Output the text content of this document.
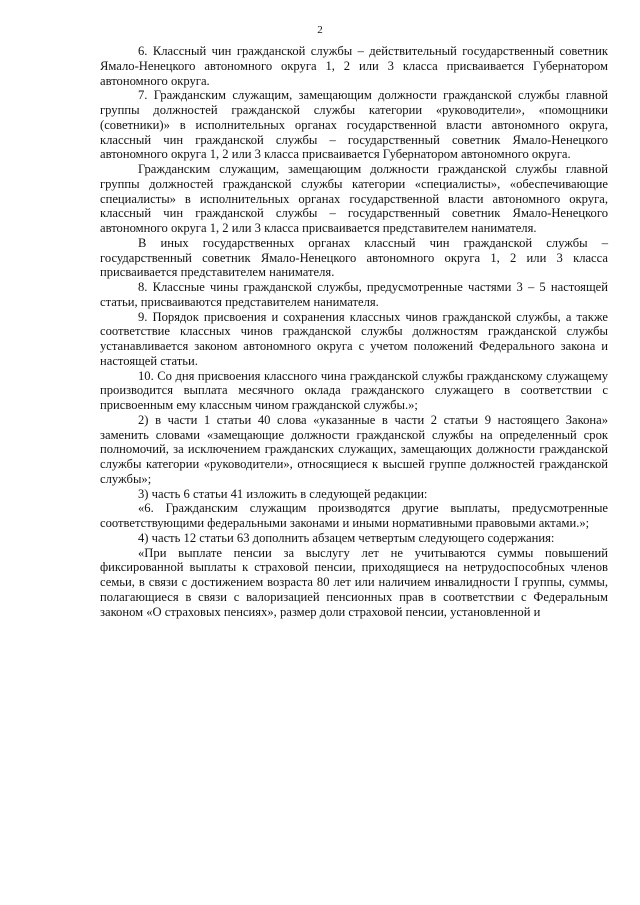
2

6. Классный чин гражданской службы – действительный государственный советник Ямало-Ненецкого автономного округа 1, 2 или 3 класса присваивается Губернатором автономного округа.

7. Гражданским служащим, замещающим должности гражданской службы главной группы должностей гражданской службы категории «руководители», «помощники (советники)» в исполнительных органах государственной власти автономного округа, классный чин гражданской службы – государственный советник Ямало-Ненецкого автономного округа 1, 2 или 3 класса присваивается Губернатором автономного округа.

Гражданским служащим, замещающим должности гражданской службы главной группы должностей гражданской службы категории «специалисты», «обеспечивающие специалисты» в исполнительных органах государственной власти автономного округа, классный чин гражданской службы – государственный советник Ямало-Ненецкого автономного округа 1, 2 или 3 класса присваивается представителем нанимателя.

В иных государственных органах классный чин гражданской службы – государственный советник Ямало-Ненецкого автономного округа 1, 2 или 3 класса присваивается представителем нанимателя.

8. Классные чины гражданской службы, предусмотренные частями 3 – 5 настоящей статьи, присваиваются представителем нанимателя.

9. Порядок присвоения и сохранения классных чинов гражданской службы, а также соответствие классных чинов гражданской службы должностям гражданской службы устанавливается законом автономного округа с учетом положений Федерального закона и настоящей статьи.

10. Со дня присвоения классного чина гражданской службы гражданскому служащему производится выплата месячного оклада гражданского служащего в соответствии с присвоенным ему классным чином гражданской службы.»;

2) в части 1 статьи 40 слова «указанные в части 2 статьи 9 настоящего Закона» заменить словами «замещающие должности гражданской службы на определенный срок полномочий, за исключением гражданских служащих, замещающих должности гражданской службы категории «руководители», относящиеся к высшей группе должностей гражданской службы»;

3) часть 6 статьи 41 изложить в следующей редакции:

«6. Гражданским служащим производятся другие выплаты, предусмотренные соответствующими федеральными законами и иными нормативными правовыми актами.»;

4) часть 12 статьи 63 дополнить абзацем четвертым следующего содержания:

«При выплате пенсии за выслугу лет не учитываются суммы повышений фиксированной выплаты к страховой пенсии, приходящиеся на нетрудоспособных членов семьи, в связи с достижением возраста 80 лет или наличием инвалидности I группы, суммы, полагающиеся в связи с валоризацией пенсионных прав в соответствии с Федеральным законом «О страховых пенсиях», размер доли страховой пенсии, установленной и
